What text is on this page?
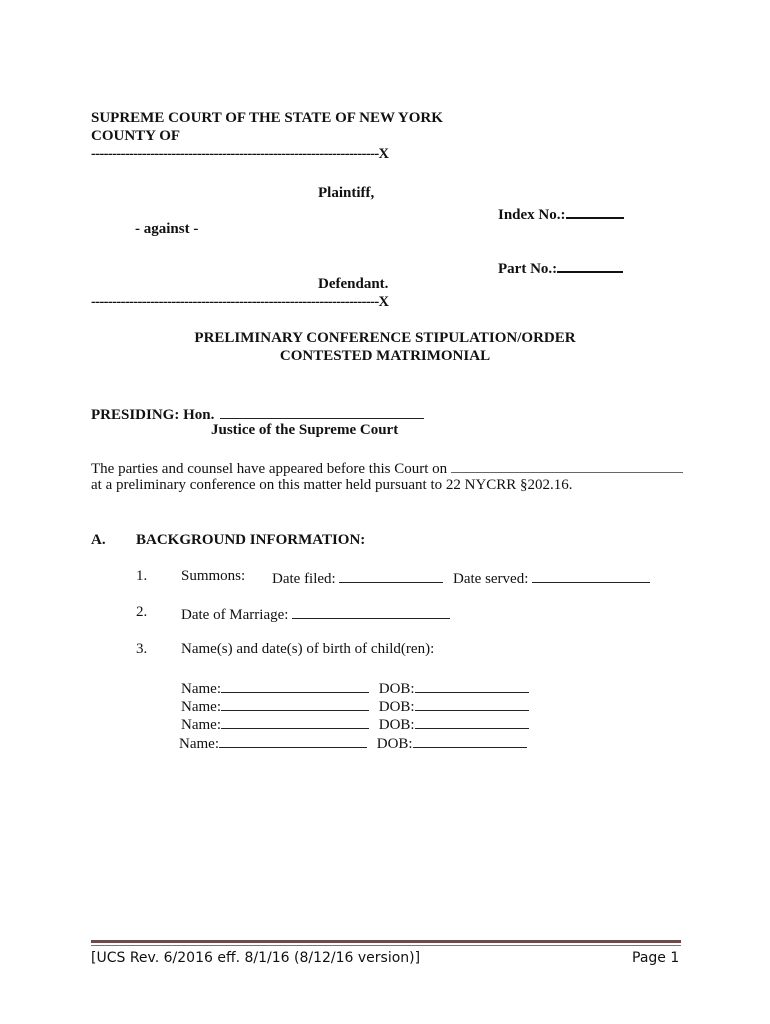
SUPREME COURT OF THE STATE OF NEW YORK
COUNTY OF
--------------------------------------------------------------------X
Plaintiff,
Index No.:
- against -
Part No.:
Defendant.
--------------------------------------------------------------------X
PRELIMINARY CONFERENCE STIPULATION/ORDER
CONTESTED MATRIMONIAL
PRESIDING: Hon.
Justice of the Supreme Court
The parties and counsel have appeared before this Court on
at a preliminary conference on this matter held pursuant to 22 NYCRR §202.16.
A. BACKGROUND INFORMATION:
1. Summons: Date filed:	Date served:
2. Date of Marriage:
3. Name(s) and date(s) of birth of child(ren):
Name:	DOB:
Name:	DOB:
Name:	DOB:
Name:	DOB:
[UCS Rev. 6/2016 eff. 8/1/16 (8/12/16 version)]	Page 1
